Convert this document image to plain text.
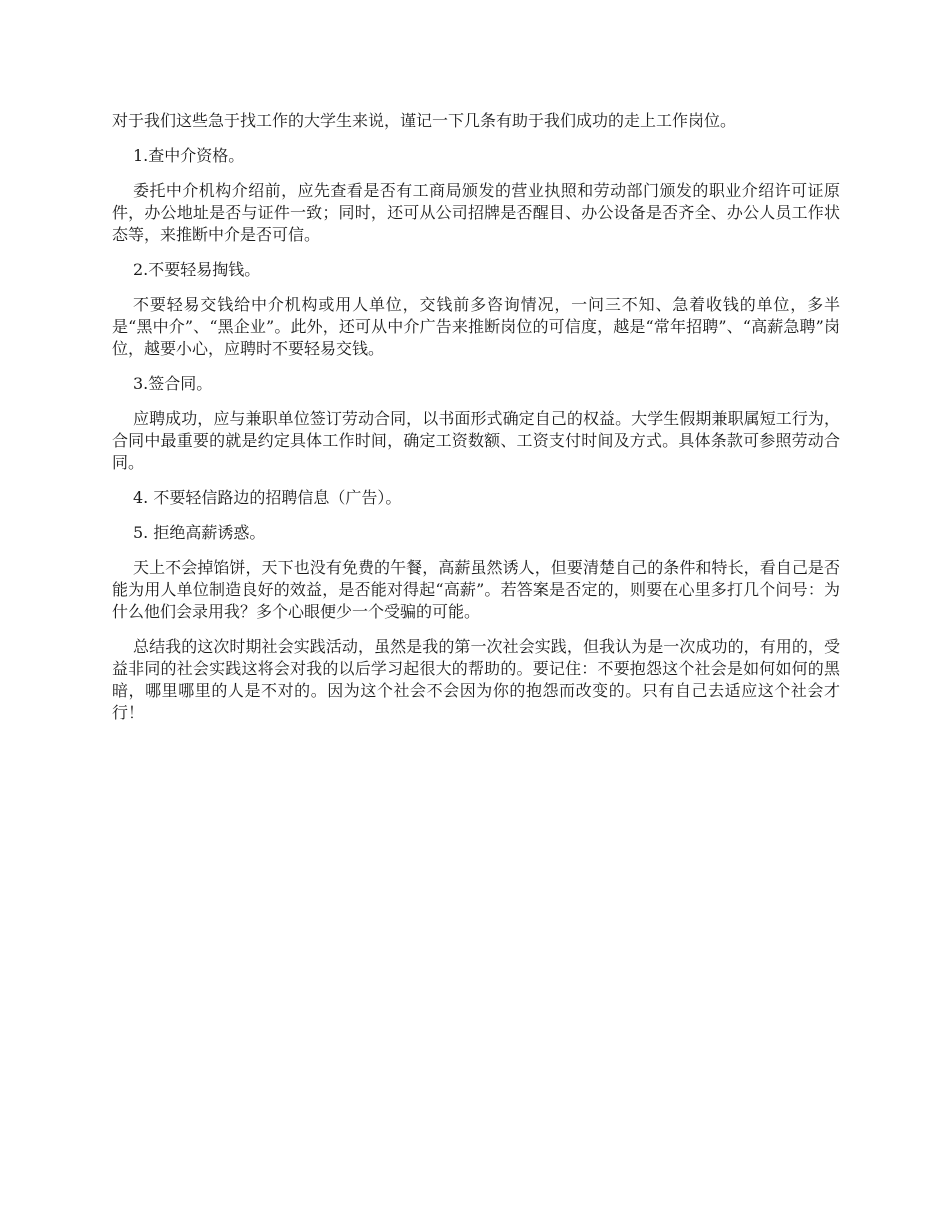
对于我们这些急于找工作的大学生来说，谨记一下几条有助于我们成功的走上工作岗位。

1.查中介资格。

委托中介机构介绍前，应先查看是否有工商局颁发的营业执照和劳动部门颁发的职业介绍许可证原件，办公地址是否与证件一致；同时，还可从公司招牌是否醒目、办公设备是否齐全、办公人员工作状态等，来推断中介是否可信。

2.不要轻易掏钱。

不要轻易交钱给中介机构或用人单位，交钱前多咨询情况，一问三不知、急着收钱的单位，多半是“黑中介”、“黑企业”。此外，还可从中介广告来推断岗位的可信度，越是“常年招聘”、“高薪急聘”岗位，越要小心，应聘时不要轻易交钱。

3.签合同。

应聘成功，应与兼职单位签订劳动合同，以书面形式确定自己的权益。大学生假期兼职属短工行为，合同中最重要的就是约定具体工作时间，确定工资数额、工资支付时间及方式。具体条款可参照劳动合同。

4. 不要轻信路边的招聘信息（广告）。

5. 拒绝高薪诱惑。

天上不会掉馅饼，天下也没有免费的午餐，高薪虽然诱人，但要清楚自己的条件和特长，看自己是否能为用人单位制造良好的效益，是否能对得起“高薪”。若答案是否定的，则要在心里多打几个问号：为什么他们会录用我？多个心眼便少一个受骗的可能。

总结我的这次时期社会实践活动，虽然是我的第一次社会实践，但我认为是一次成功的，有用的，受益非同的社会实践这将会对我的以后学习起很大的帮助的。要记住：不要抱怨这个社会是如何如何的黑暗，哪里哪里的人是不对的。因为这个社会不会因为你的抱怨而改变的。只有自己去适应这个社会才行！
